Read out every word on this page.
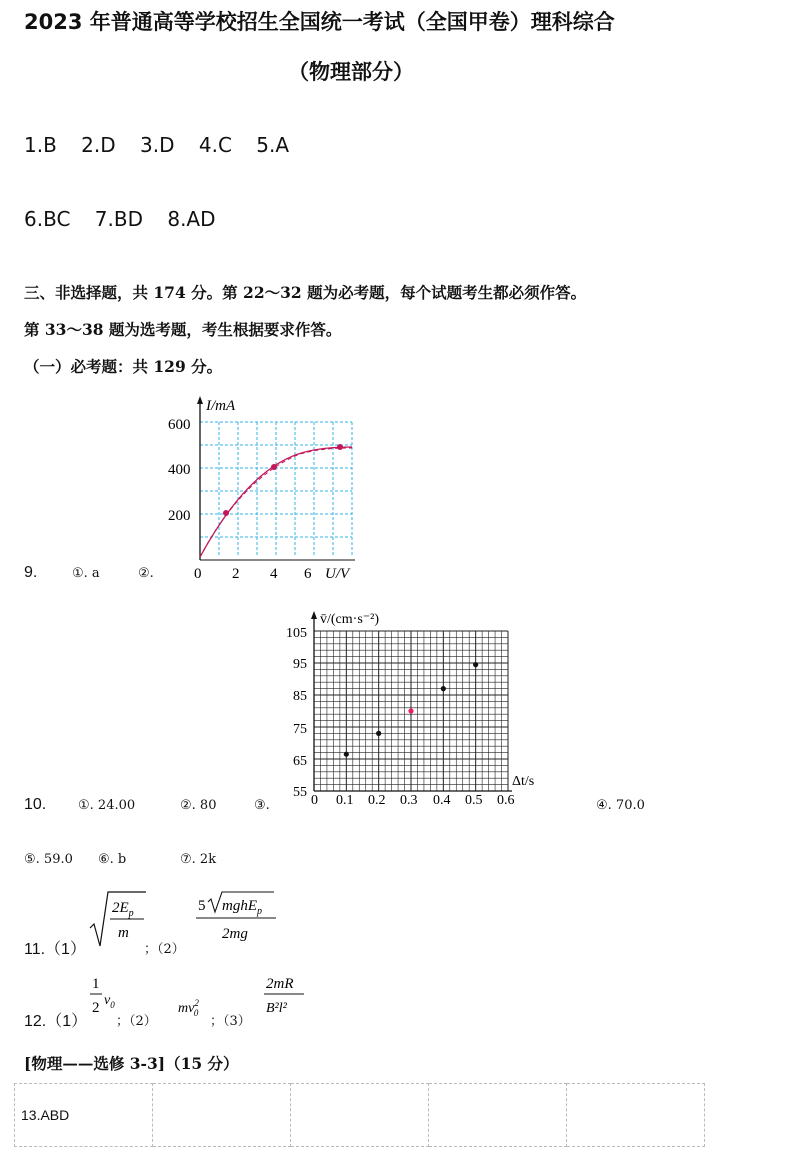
2023 年普通高等学校招生全国统一考试（全国甲卷）理科综合
（物理部分）
1.B 2.D 3.D 4.C 5.A
6.BC 7.BD 8.AD
三、非选择题，共 174 分。第 22～32 题为必考题，每个试题考生都必须作答。
第 33～38 题为选考题，考生根据要求作答。
（一）必考题：共 129 分。
I/mA
600
400
200
0 2 4 6 U/V
9.	①. a	②.
v̄/(cm·s⁻²)
105
95
85
75
65
55
0 0.1 0.2 0.3 0.4 0.5 0.6
Δt/s
10. ①. 24.00	②. 80	③.	④. 70.0
⑤. 59.0 ⑥. b	⑦. 2k
11.（1）
$2E_p$
m
；（2）
5 mghE$_p$
2mg
12.（1）
1
2 $v_0$
；（2）
$mv^2$ 0
；（3）
2mR
B²l²
[物理——选修 3-3]（15 分）
13.ABD				
